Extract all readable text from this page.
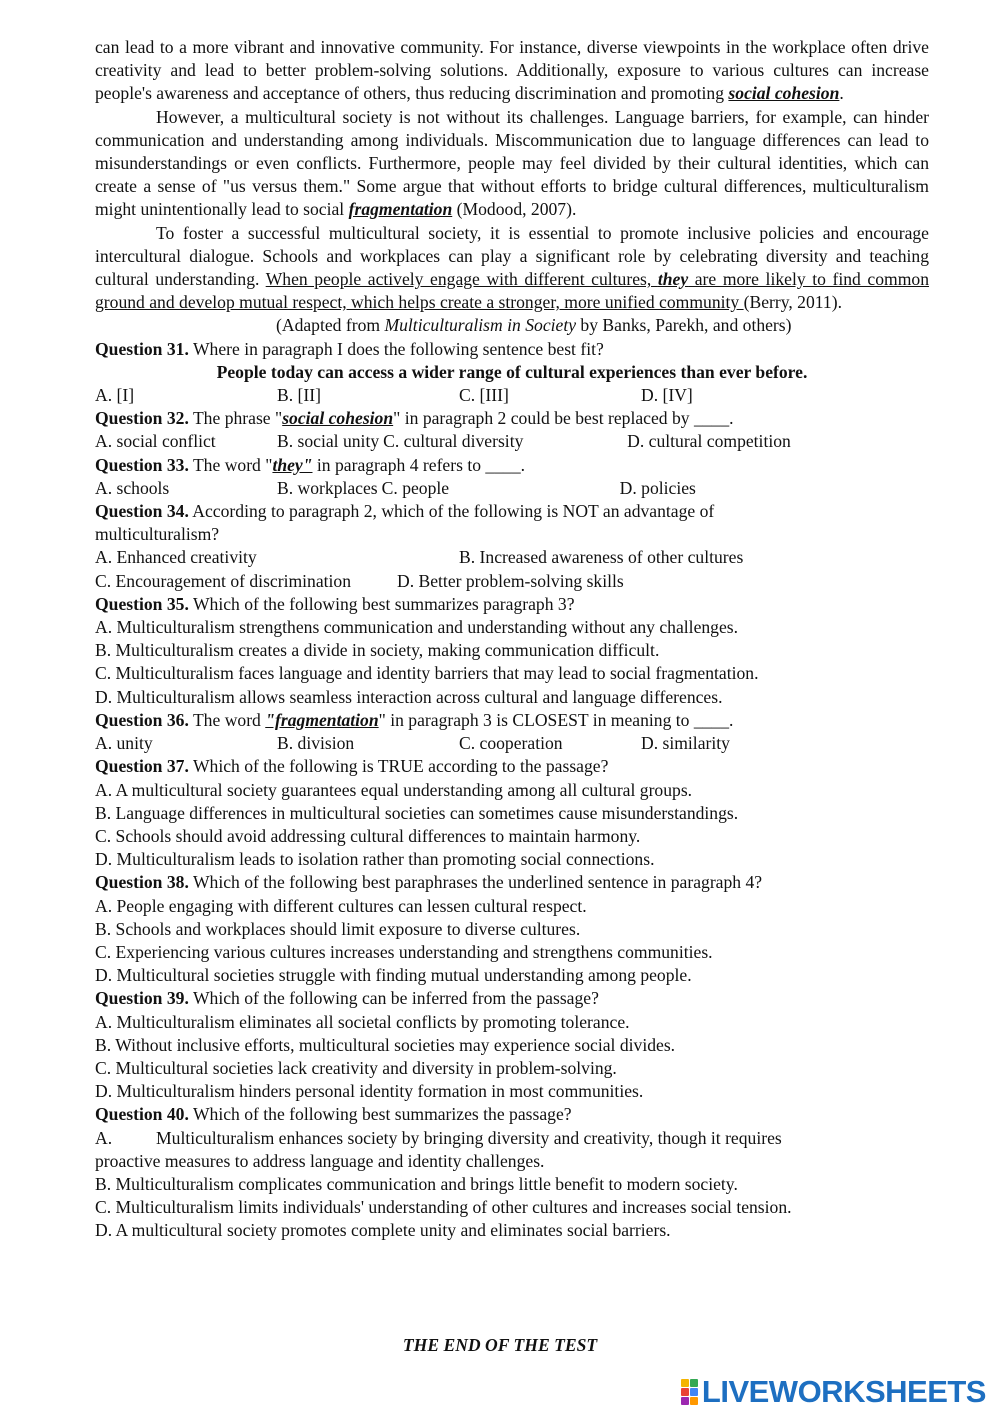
can lead to a more vibrant and innovative community. For instance, diverse viewpoints in the workplace often drive creativity and lead to better problem-solving solutions. Additionally, exposure to various cultures can increase people's awareness and acceptance of others, thus reducing discrimination and promoting social cohesion.

However, a multicultural society is not without its challenges. Language barriers, for example, can hinder communication and understanding among individuals. Miscommunication due to language differences can lead to misunderstandings or even conflicts. Furthermore, people may feel divided by their cultural identities, which can create a sense of "us versus them." Some argue that without efforts to bridge cultural differences, multiculturalism might unintentionally lead to social fragmentation (Modood, 2007).

To foster a successful multicultural society, it is essential to promote inclusive policies and encourage intercultural dialogue. Schools and workplaces can play a significant role by celebrating diversity and teaching cultural understanding. When people actively engage with different cultures, they are more likely to find common ground and develop mutual respect, which helps create a stronger, more unified community (Berry, 2011).

(Adapted from Multiculturalism in Society by Banks, Parekh, and others)

Question 31. Where in paragraph I does the following sentence best fit?

People today can access a wider range of cultural experiences than ever before.

A. [I]	B. [II]	C. [III]	D. [IV]

Question 32. The phrase "social cohesion" in paragraph 2 could be best replaced by ____.

A. social conflict	B. social unity C. cultural diversity	D. cultural competition

Question 33. The word "they" in paragraph 4 refers to ____.

A. schools	B. workplaces C. people	D. policies

Question 34. According to paragraph 2, which of the following is NOT an advantage of

multiculturalism?

A. Enhanced creativity	B. Increased awareness of other cultures
C. Encouragement of discrimination	D. Better problem-solving skills

Question 35. Which of the following best summarizes paragraph 3?

A. Multiculturalism strengthens communication and understanding without any challenges.

B. Multiculturalism creates a divide in society, making communication difficult.

C. Multiculturalism faces language and identity barriers that may lead to social fragmentation.

D. Multiculturalism allows seamless interaction across cultural and language differences.

Question 36. The word "fragmentation" in paragraph 3 is CLOSEST in meaning to ____.

A. unity	B. division	C. cooperation	D. similarity

Question 37. Which of the following is TRUE according to the passage?

A. A multicultural society guarantees equal understanding among all cultural groups.

B. Language differences in multicultural societies can sometimes cause misunderstandings.

C. Schools should avoid addressing cultural differences to maintain harmony.

D. Multiculturalism leads to isolation rather than promoting social connections.

Question 38. Which of the following best paraphrases the underlined sentence in paragraph 4?

A. People engaging with different cultures can lessen cultural respect.

B. Schools and workplaces should limit exposure to diverse cultures.

C. Experiencing various cultures increases understanding and strengthens communities.

D. Multicultural societies struggle with finding mutual understanding among people.

Question 39. Which of the following can be inferred from the passage?

A. Multiculturalism eliminates all societal conflicts by promoting tolerance.

B. Without inclusive efforts, multicultural societies may experience social divides.

C. Multicultural societies lack creativity and diversity in problem-solving.

D. Multiculturalism hinders personal identity formation in most communities.

Question 40. Which of the following best summarizes the passage?

A. Multiculturalism enhances society by bringing diversity and creativity, though it requires

proactive measures to address language and identity challenges.

B. Multiculturalism complicates communication and brings little benefit to modern society.

C. Multiculturalism limits individuals' understanding of other cultures and increases social tension.

D. A multicultural society promotes complete unity and eliminates social barriers.

THE END OF THE TEST
LIVEWORKSHEETS
